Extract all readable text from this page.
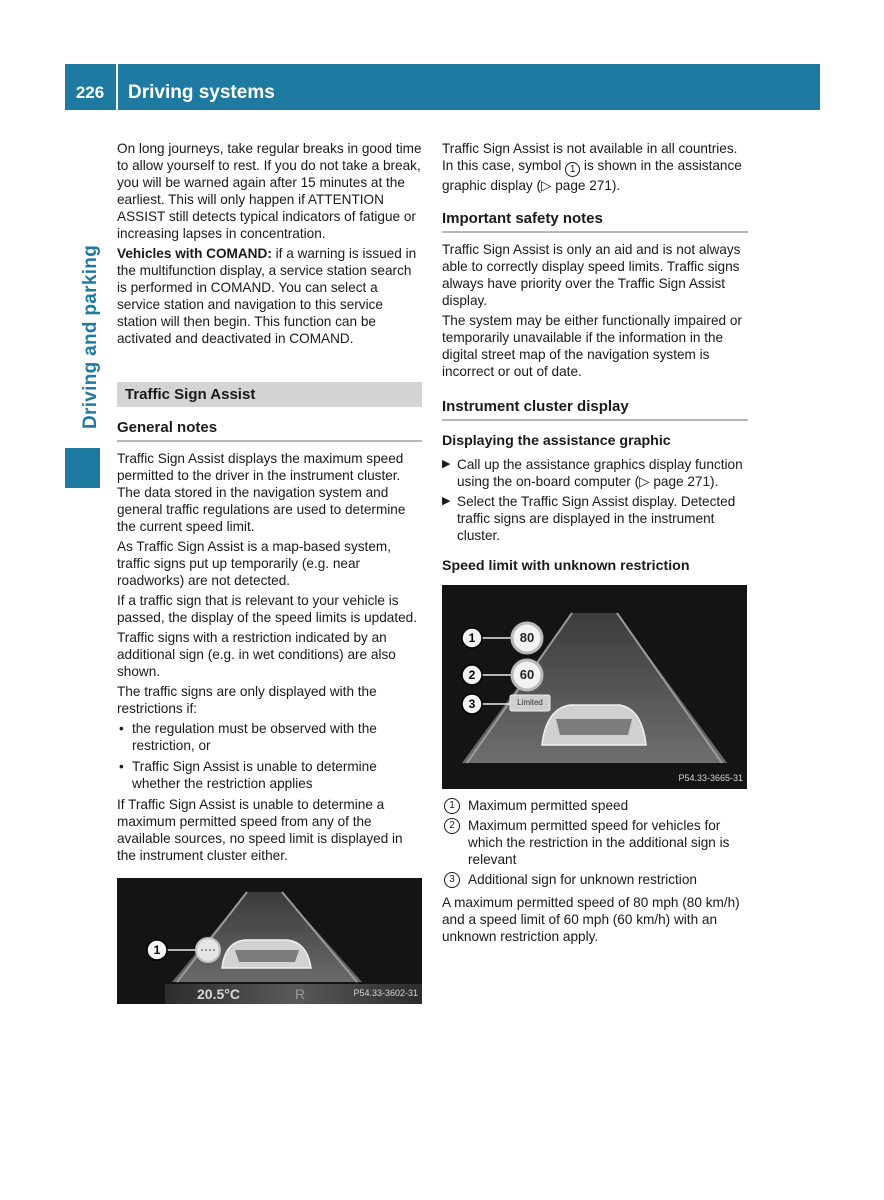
226	Driving systems
Driving and parking

On long journeys, take regular breaks in good time to allow yourself to rest. If you do not take a break, you will be warned again after 15 minutes at the earliest. This will only happen if ATTENTION ASSIST still detects typical indicators of fatigue or increasing lapses in concentration.

Vehicles with COMAND: if a warning is issued in the multifunction display, a service station search is performed in COMAND. You can select a service station and navigation to this service station will then begin. This function can be activated and deactivated in COMAND.

Traffic Sign Assist
General notes

Traffic Sign Assist displays the maximum speed permitted to the driver in the instrument cluster. The data stored in the navigation system and general traffic regulations are used to determine the current speed limit.

As Traffic Sign Assist is a map-based system, traffic signs put up temporarily (e.g. near roadworks) are not detected.

If a traffic sign that is relevant to your vehicle is passed, the display of the speed limits is updated.

Traffic signs with a restriction indicated by an additional sign (e.g. in wet conditions) are also shown.

The traffic signs are only displayed with the restrictions if:

• the regulation must be observed with the restriction, or
• Traffic Sign Assist is unable to determine whether the restriction applies

If Traffic Sign Assist is unable to determine a maximum permitted speed from any of the available sources, no speed limit is displayed in the instrument cluster either.

1
20.5°C	R	P54.33-3602-31

Traffic Sign Assist is not available in all countries. In this case, symbol 1 is shown in the assistance graphic display (▷ page 271).

Important safety notes

Traffic Sign Assist is only an aid and is not always able to correctly display speed limits. Traffic signs always have priority over the Traffic Sign Assist display.

The system may be either functionally impaired or temporarily unavailable if the information in the digital street map of the navigation system is incorrect or out of date.

Instrument cluster display
Displaying the assistance graphic
▶ Call up the assistance graphics display function using the on-board computer (▷ page 271).
▶ Select the Traffic Sign Assist display. Detected traffic signs are displayed in the instrument cluster.
Speed limit with unknown restriction
1
2
3
80
60
Limited
P54.33-3665-31
1 Maximum permitted speed
2 Maximum permitted speed for vehicles for which the restriction in the additional sign is relevant
3 Additional sign for unknown restriction

A maximum permitted speed of 80 mph (80 km/h) and a speed limit of 60 mph (60 km/h) with an unknown restriction apply.
